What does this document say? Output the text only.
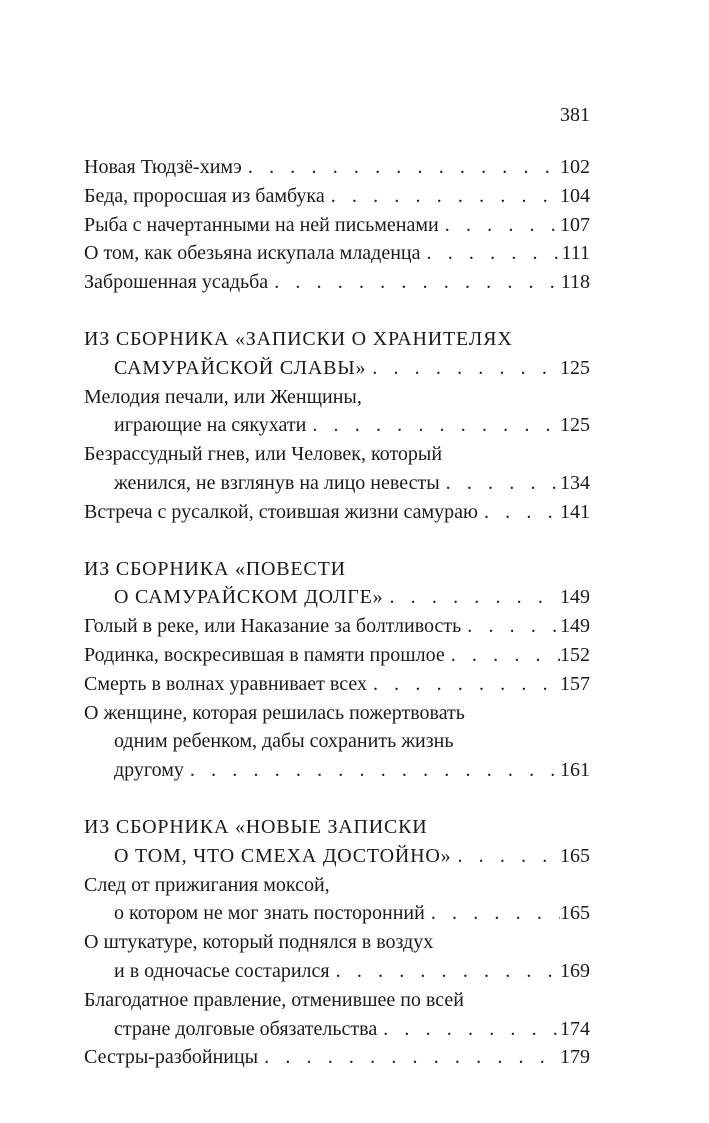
381
Новая Тюдзё-химэ . . .	102
Беда, проросшая из бамбука . . .	104
Рыба с начертанными на ней письменами . . .	107
О том, как обезьяна искупала младенца . . .	111
Заброшенная усадьба . . .	118
ИЗ СБОРНИКА «ЗАПИСКИ О ХРАНИТЕЛЯХ
САМУРАЙСКОЙ СЛАВЫ» . . .	125
Мелодия печали, или Женщины,
играющие на сякухати . . .	125
Безрассудный гнев, или Человек, который
женился, не взглянув на лицо невесты . . .	134
Встреча с русалкой, стоившая жизни самураю . . .	141
ИЗ СБОРНИКА «ПОВЕСТИ
О САМУРАЙСКОМ ДОЛГЕ» . . .	149
Голый в реке, или Наказание за болтливость . . .	149
Родинка, воскресившая в памяти прошлое . . .	152
Смерть в волнах уравнивает всех . . .	157
О женщине, которая решилась пожертвовать
одним ребенком, дабы сохранить жизнь
другому . . .	161
ИЗ СБОРНИКА «НОВЫЕ ЗАПИСКИ
О ТОМ, ЧТО СМЕХА ДОСТОЙНО» . . .	165
След от прижигания моксой,
о котором не мог знать посторонний . . .	165
О штукатуре, который поднялся в воздух
и в одночасье состарился . . .	169
Благодатное правление, отменившее по всей
стране долговые обязательства . . .	174
Сестры-разбойницы . . .	179
